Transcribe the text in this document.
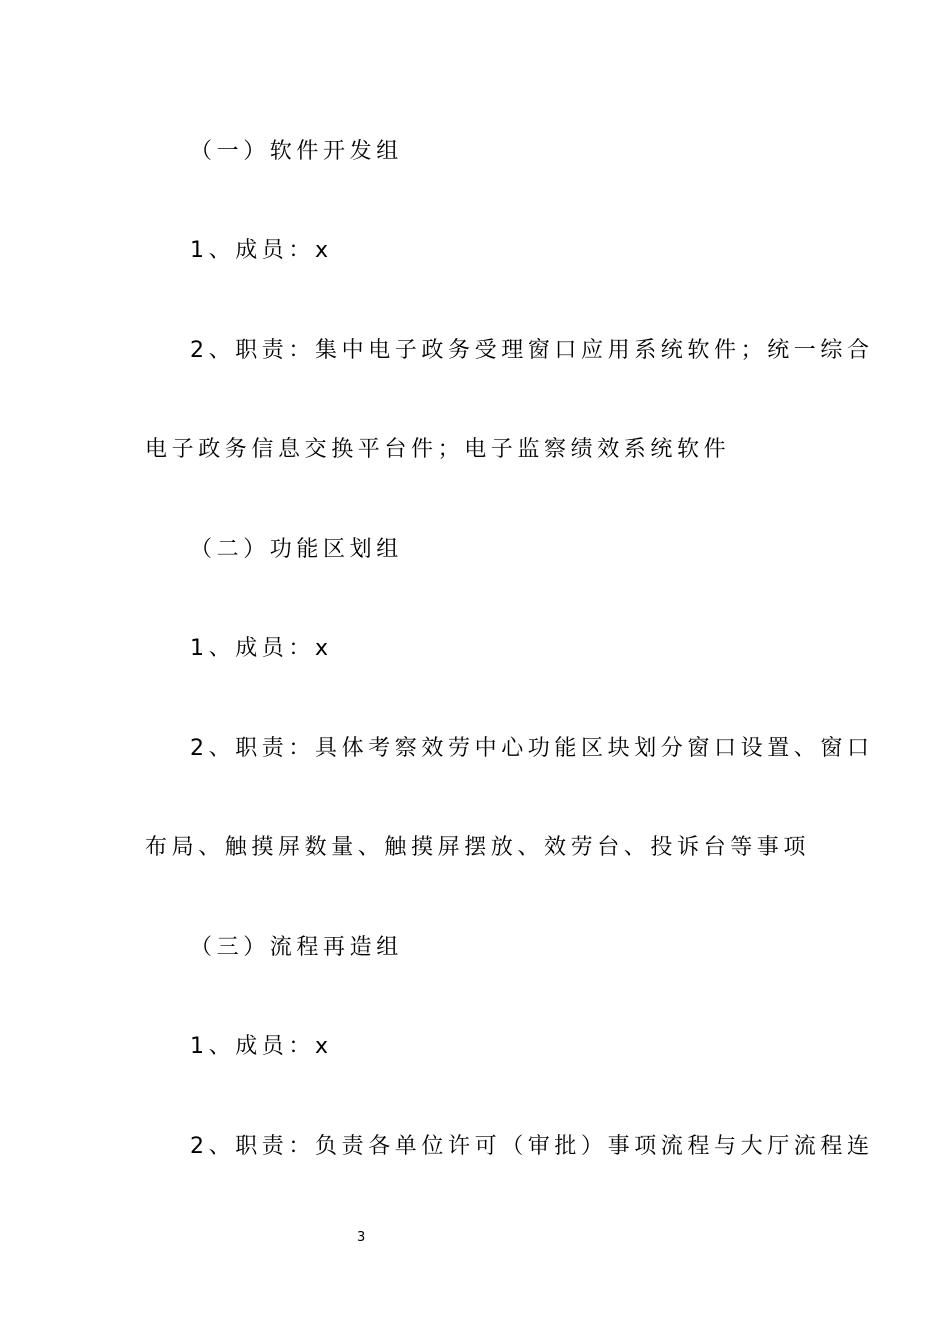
（一）软件开发组
1、成员：x
2、职责：集中电子政务受理窗口应用系统软件；统一综合
电子政务信息交换平台件；电子监察绩效系统软件
（二）功能区划组
1、成员：x
2、职责：具体考察效劳中心功能区块划分窗口设置、窗口
布局、触摸屏数量、触摸屏摆放、效劳台、投诉台等事项
（三）流程再造组
1、成员：x
2、职责：负责各单位许可（审批）事项流程与大厅流程连
3
